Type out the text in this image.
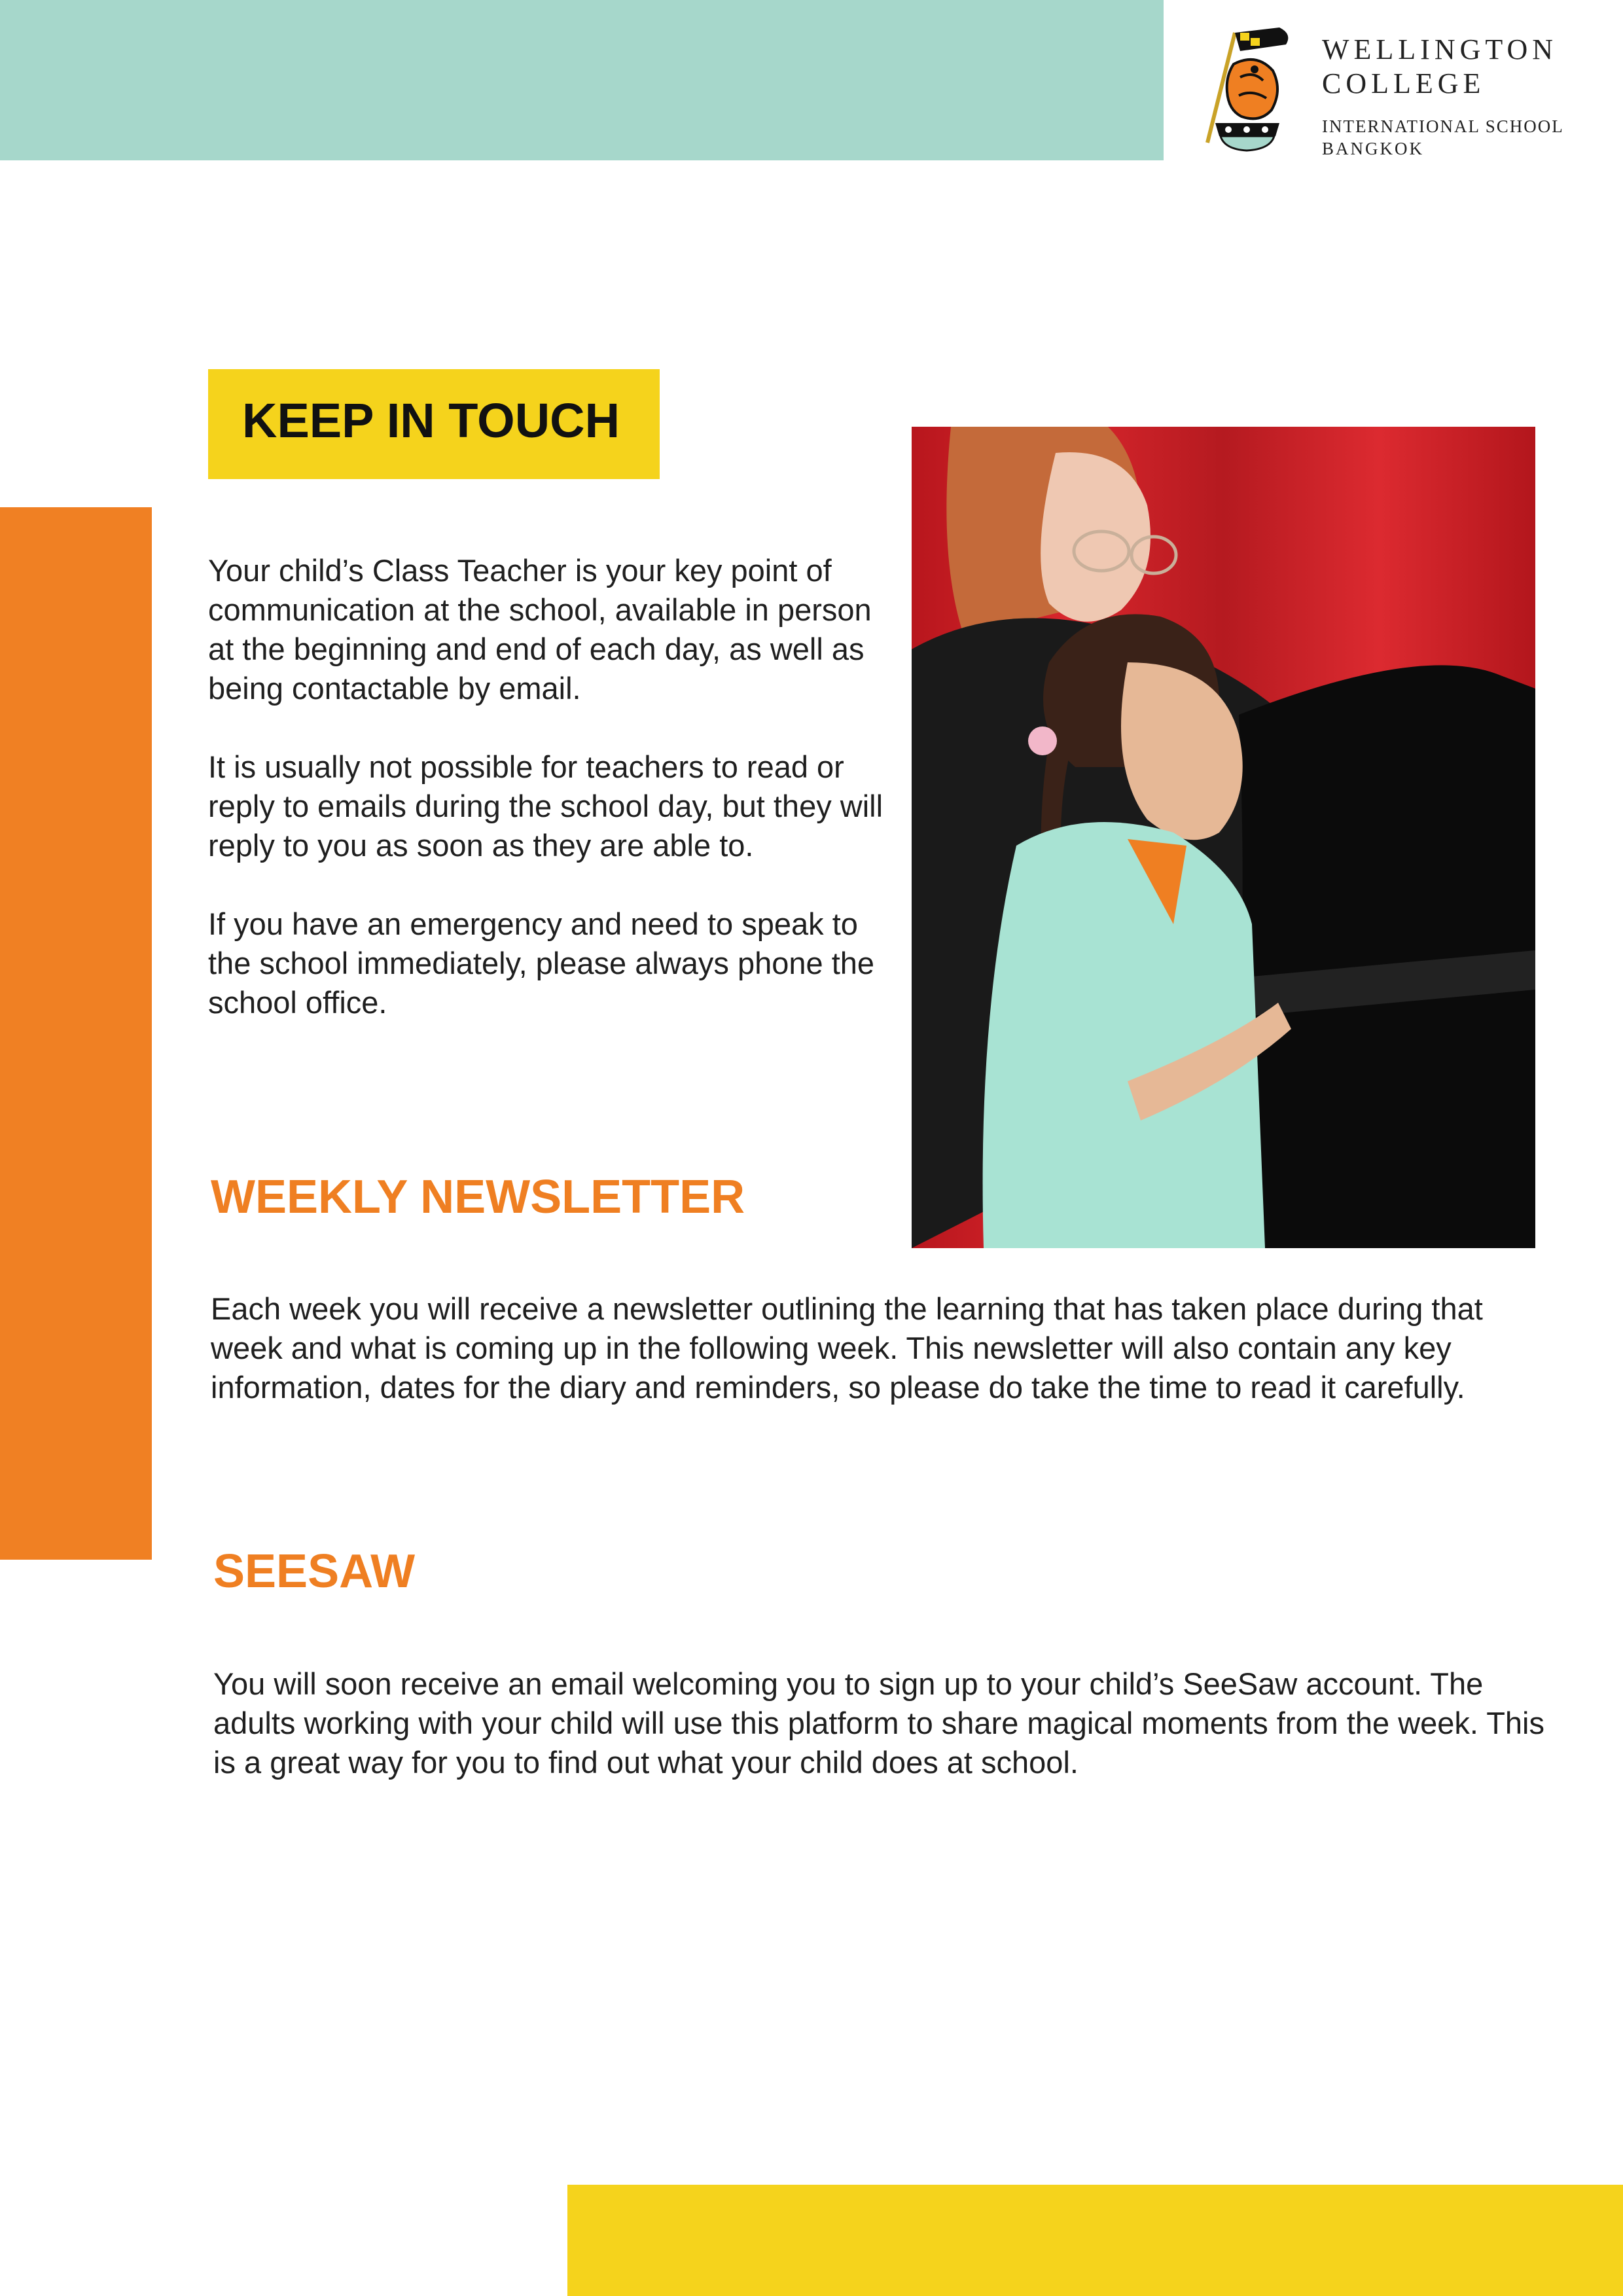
WELLINGTON
COLLEGE
INTERNATIONAL SCHOOL
BANGKOK
KEEP IN TOUCH

Your child’s Class Teacher is your key point of communication at the school, available in person at the beginning and end of each day, as well as being contactable by email.

It is usually not possible for teachers to read or reply to emails during the school day, but they will reply to you as soon as they are able to.

If you have an emergency and need to speak to the school immediately, please always phone the school office.

WEEKLY NEWSLETTER

Each week you will receive a newsletter outlining the learning that has taken place during that week and what is coming up in the following week. This newsletter will also contain any key information, dates for the diary and reminders, so please do take the time to read it carefully.

SEESAW

You will soon receive an email welcoming you to sign up to your child’s SeeSaw account. The adults working with your child will use this platform to share magical moments from the week. This is a great way for you to find out what your child does at school.
